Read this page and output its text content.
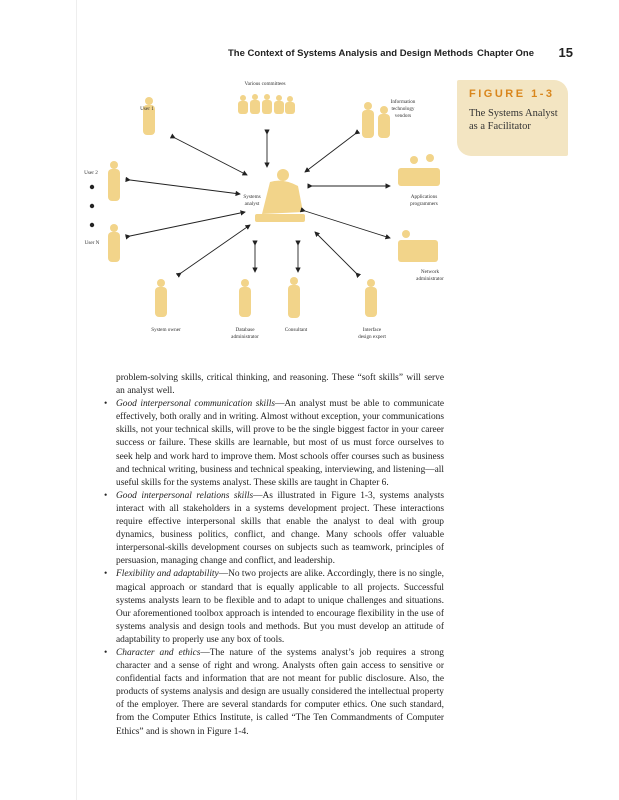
The Context of Systems Analysis and Design Methods Chapter One 15
FIGURE 1-3
The Systems Analyst as a Facilitator
Various committees
User 1
Information
technology
vendors
User 2
User N
Systems
analyst
Applications
programmers
Network
administrator
System owner	Database
administrator
Consultant	Interface
design expert

problem-solving skills, critical thinking, and reasoning. These “soft skills” will serve an analyst well.

• Good interpersonal communication skills—An analyst must be able to communicate effectively, both orally and in writing. Almost without exception, your communications skills, not your technical skills, will prove to be the single biggest factor in your career success or failure. These skills are learnable, but most of us must force ourselves to seek help and work hard to improve them. Most schools offer courses such as business and technical writing, business and technical speaking, interviewing, and listening—all useful skills for the systems analyst. These skills are taught in Chapter 6.

• Good interpersonal relations skills—As illustrated in Figure 1-3, systems analysts interact with all stakeholders in a systems development project. These interactions require effective interpersonal skills that enable the analyst to deal with group dynamics, business politics, conflict, and change. Many schools offer valuable interpersonal-skills development courses on subjects such as teamwork, principles of persuasion, managing change and conflict, and leadership.

• Flexibility and adaptability—No two projects are alike. Accordingly, there is no single, magical approach or standard that is equally applicable to all projects. Successful systems analysts learn to be flexible and to adapt to unique challenges and situations. Our aforementioned toolbox approach is intended to encourage flexibility in the use of systems analysis and design tools and methods. But you must develop an attitude of adaptability to properly use any box of tools.

• Character and ethics—The nature of the systems analyst’s job requires a strong character and a sense of right and wrong. Analysts often gain access to sensitive or confidential facts and information that are not meant for public disclosure. Also, the products of systems analysis and design are usually considered the intellectual property of the employer. There are several standards for computer ethics. One such standard, from the Computer Ethics Institute, is called “The Ten Commandments of Computer Ethics” and is shown in Figure 1-4.
